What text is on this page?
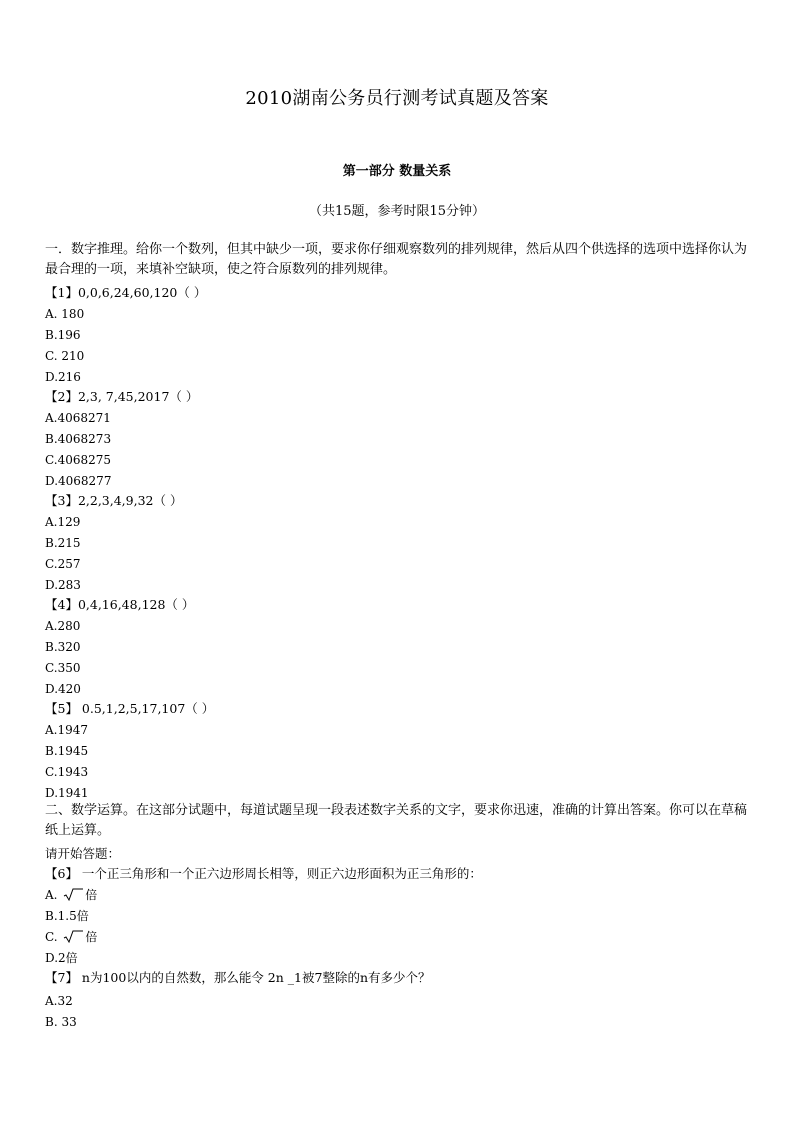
2010湖南公务员行测考试真题及答案
第一部分 数量关系
（共15题，参考时限15分钟）
一．数字推理。给你一个数列，但其中缺少一项，要求你仔细观察数列的排列规律，然后从四个供选择的选项中选择你认为最合理的一项，来填补空缺项，使之符合原数列的排列规律。
【1】0,0,6,24,60,120（ ）
A. 180
B.196
C. 210
D.216
【2】2,3, 7,45,2017（ ）
A.4068271
B.4068273
C.4068275
D.4068277
【3】2,2,3,4,9,32（ ）
A.129
B.215
C.257
D.283
【4】0,4,16,48,128（ ）
A.280
B.320
C.350
D.420
【5】 0.5,1,2,5,17,107（ ）
A.1947
B.1945
C.1943
D.1941
二、数学运算。在这部分试题中，每道试题呈现一段表述数字关系的文字，要求你迅速，准确的计算出答案。你可以在草稿纸上运算。
请开始答题：
【6】 一个正三角形和一个正六边形周长相等，则正六边形面积为正三角形的：
A.
倍
B.1.5倍
C.
倍
D.2倍
【7】 n为100以内的自然数，那么能令 2n _1被7整除的n有多少个？
A.32
B. 33
